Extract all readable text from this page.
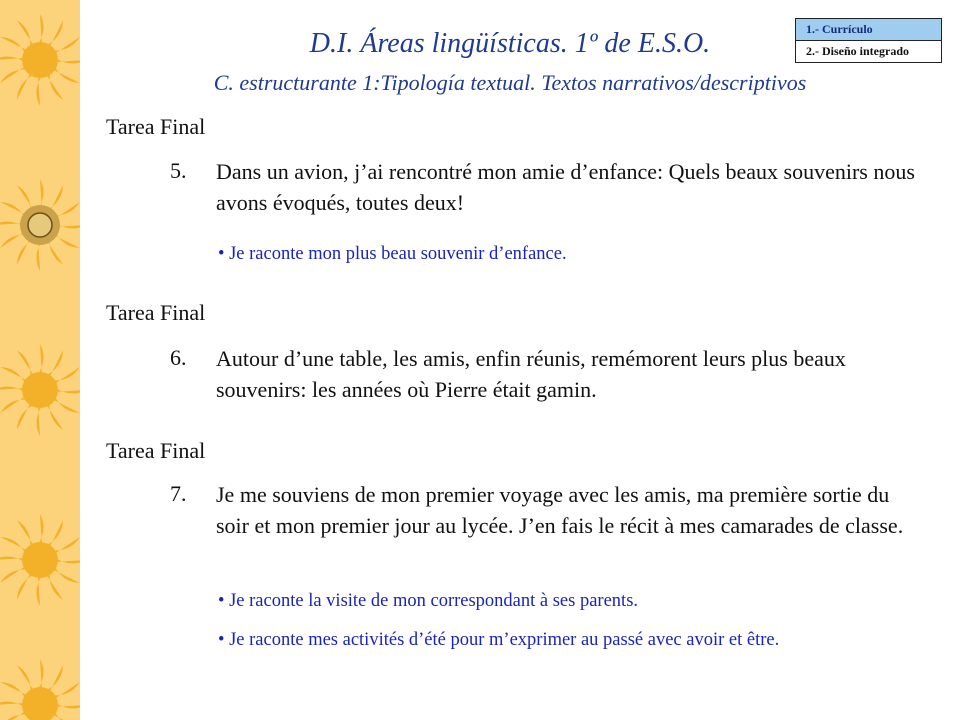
1.- Currículo
2.- Diseño integrado
D.I. Áreas lingüísticas. 1º de E.S.O.
C. estructurante 1:Tipología textual. Textos narrativos/descriptivos
Tarea Final
5. Dans un avion, j’ai rencontré mon amie d’enfance: Quels beaux souvenirs nous avons évoqués, toutes deux!
• Je raconte mon plus beau souvenir d’enfance.
Tarea Final
6. Autour d’une table, les amis, enfin réunis, remémorent leurs plus beaux souvenirs: les années où Pierre était gamin.
Tarea Final
7. Je me souviens de mon premier voyage avec les amis, ma première sortie du soir et mon premier jour au lycée. J’en fais le récit à mes camarades de classe.
• Je raconte la visite de mon correspondant à ses parents.
• Je raconte mes activités d’été pour m’exprimer au passé avec avoir et être.
